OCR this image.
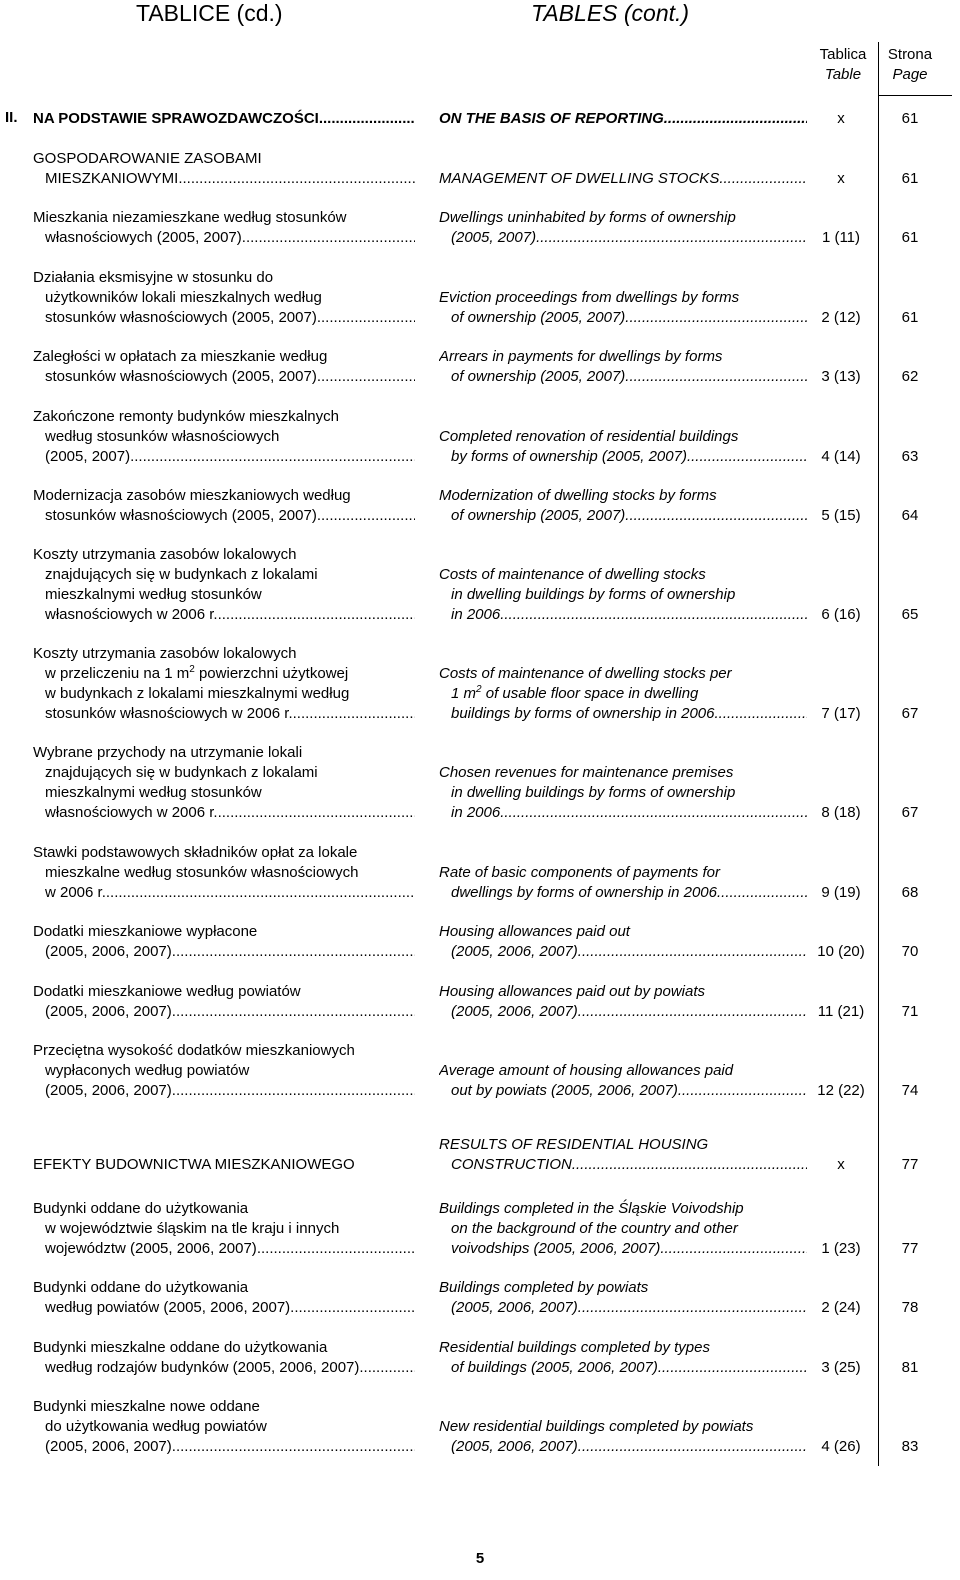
TABLICE (cd.)	TABLES (cont.)
Tablica
Table
Strona
Page
II. NA PODSTAWIE SPRAWOZDAWCZOŚCI .....	ON THE BASIS OF REPORTING .....	x	61
GOSPODAROWANIE ZASOBAMI
MIESZKANIOWYMI .....	MANAGEMENT OF DWELLING STOCKS .....	x	61
Mieszkania niezamieszkane według stosunków
własnościowych (2005, 2007)
.....
Dwellings uninhabited by forms of ownership
(2005, 2007) .....	1 (11)	61
Działania eksmisyjne w stosunku do
użytkowników lokali mieszkalnych według
stosunków własnościowych (2005, 2007)
.....
Eviction proceedings from dwellings by forms
of ownership (2005, 2007) .....	2 (12)	61
Zaległości w opłatach za mieszkanie według
stosunków własnościowych (2005, 2007)
.....
Arrears in payments for dwellings by forms
of ownership (2005, 2007) .....	3 (13)	62
Zakończone remonty budynków mieszkalnych
według stosunków własnościowych
(2005, 2007)
.....
Completed renovation of residential buildings
by forms of ownership (2005, 2007) .....	4 (14)	63
Modernizacja zasobów mieszkaniowych według
stosunków własnościowych (2005, 2007)
.....
Modernization of dwelling stocks by forms
of ownership (2005, 2007) .....	5 (15)	64
Koszty utrzymania zasobów lokalowych
znajdujących się w budynkach z lokalami
mieszkalnymi według stosunków
własnościowych w 2006 r.
.....
Costs of maintenance of dwelling stocks
in dwelling buildings by forms of ownership
in 2006 .....	6 (16)	65
Koszty utrzymania zasobów lokalowych
w przeliczeniu na 1 $m^2$ powierzchni użytkowej
w budynkach z lokalami mieszkalnymi według
stosunków własnościowych w 2006 r.
.....
Costs of maintenance of dwelling stocks per
1 $m^2$ of usable floor space in dwelling
buildings by forms of ownership in 2006 .....	7 (17)	67
Wybrane przychody na utrzymanie lokali
znajdujących się w budynkach z lokalami
mieszkalnymi według stosunków
własnościowych w 2006 r.
.....
Chosen revenues for maintenance premises
in dwelling buildings by forms of ownership
in 2006 .....	8 (18)	67
Stawki podstawowych składników opłat za lokale
mieszkalne według stosunków własnościowych
w 2006 r.
.....
Rate of basic components of payments for
dwellings by forms of ownership in 2006 .....	9 (19)	68
Dodatki mieszkaniowe wypłacone
(2005, 2006, 2007)
.....
Housing allowances paid out
(2005, 2006, 2007) .....	10 (20)	70
Dodatki mieszkaniowe według powiatów
(2005, 2006, 2007)
.....
Housing allowances paid out by powiats
(2005, 2006, 2007) .....	11 (21)	71
Przeciętna wysokość dodatków mieszkaniowych
wypłaconych według powiatów
(2005, 2006, 2007)
.....
Average amount of housing allowances paid
out by powiats (2005, 2006, 2007) .....	12 (22)	74
EFEKTY BUDOWNICTWA MIESZKANIOWEGO
RESULTS OF RESIDENTIAL HOUSING
CONSTRUCTION .....	x	77
Budynki oddane do użytkowania
w województwie śląskim na tle kraju i innych
województw (2005, 2006, 2007)
.....
Buildings completed in the Śląskie Voivodship
on the background of the country and other
voivodships (2005, 2006, 2007) .....	1 (23)	77
Budynki oddane do użytkowania
według powiatów (2005, 2006, 2007)
.....
Buildings completed by powiats
(2005, 2006, 2007) .....	2 (24)	78
Budynki mieszkalne oddane do użytkowania
według rodzajów budynków (2005, 2006, 2007).
.....
Residential buildings completed by types
of buildings (2005, 2006, 2007) .....	3 (25)	81
Budynki mieszkalne nowe oddane
do użytkowania według powiatów
(2005, 2006, 2007)
.....
New residential buildings completed by powiats
(2005, 2006, 2007) .....	4 (26)	83
5
